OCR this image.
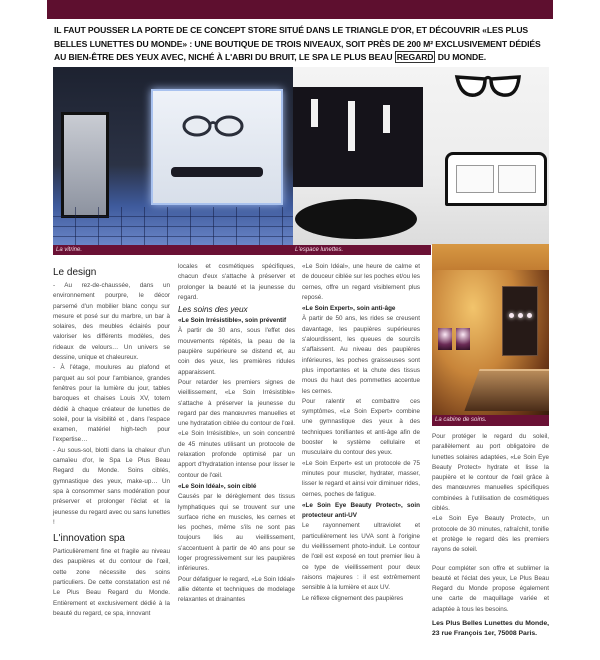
IL FAUT POUSSER LA PORTE DE CE CONCEPT STORE SITUÉ DANS LE TRIANGLE D'OR, ET DÉCOUVRIR «LES PLUS BELLES LUNETTES DU MONDE» : UNE BOUTIQUE DE TROIS NIVEAUX, SOIT PRÈS DE 200 M² EXCLUSIVEMENT DÉDIÉS AU BIEN-ÊTRE DES YEUX AVEC, NICHÉ À L'ABRI DU BRUIT, LE SPA LE PLUS BEAU REGARD DU MONDE.
La vitrine.	L'espace lunettes.
La cabine de soins.
Le design

- Au rez-de-chaussée, dans un environnement pourpre, le décor parsemé d'un mobilier blanc conçu sur mesure et posé sur du marbre, un bar à solaires, des meubles éclairés pour valoriser les différents modèles, des rideaux de velours… Un univers se dessine, unique et chaleureux.

- À l'étage, moulures au plafond et parquet au sol pour l'ambiance, grandes fenêtres pour la lumière du jour, tables baroques et chaises Louis XV, totem dédié à chaque créateur de lunettes de soleil, pour la visibilité et , dans l'espace examen, matériel high-tech pour l'expertise…

- Au sous-sol, blotti dans la chaleur d'un camaïeu d'or, le Spa Le Plus Beau Regard du Monde. Soins ciblés, gymnastique des yeux, make-up… Un spa à consommer sans modération pour préserver et prolonger l'éclat et la jeunesse du regard avec ou sans lunettes !

L'innovation spa

Particulièrement fine et fragile au niveau des paupières et du contour de l'œil, cette zone nécessite des soins particuliers. De cette constatation est né Le Plus Beau Regard du Monde. Entièrement et exclusivement dédié à la beauté du regard, ce spa, innovant

locales et cosmétiques spécifiques, chacun d'eux s'attache à préserver et prolonger la beauté et la jeunesse du regard.

Les soins des yeux

«Le Soin Irrésistible», soin préventif

À partir de 30 ans, sous l'effet des mouvements répétés, la peau de la paupière supérieure se distend et, au coin des yeux, les premières ridules apparaissent.

Pour retarder les premiers signes de vieillissement, «Le Soin Irrésistible» s'attache à préserver la jeunesse du regard par des manœuvres manuelles et une hydratation ciblée du contour de l'œil. «Le Soin Irrésistible», un soin concentré de 45 minutes utilisant un protocole de relaxation profonde optimisé par un apport d'hydratation intense pour lisser le contour de l'œil.

«Le Soin Idéal», soin ciblé

Causés par le dérèglement des tissus lymphatiques qui se trouvent sur une surface riche en muscles, les cernes et les poches, même s'ils ne sont pas toujours liés au vieillissement, s'accentuent à partir de 40 ans pour se loger progressivement sur les paupières inférieures.

Pour défatiguer le regard, «Le Soin Idéal» allie détente et techniques de modelage relaxantes et drainantes

«Le Soin Idéal», une heure de calme et de douceur ciblée sur les poches et/ou les cernes, offre un regard visiblement plus reposé.

«Le Soin Expert», soin anti-âge

À partir de 50 ans, les rides se creusent davantage, les paupières supérieures s'alourdissent, les queues de sourcils s'affaissent. Au niveau des paupières inférieures, les poches graisseuses sont plus importantes et la chute des tissus mous du haut des pommettes accentue les cernes.

Pour ralentir et combattre ces symptômes, «Le Soin Expert» combine une gymnastique des yeux à des techniques tonifiantes et anti-âge afin de booster le système cellulaire et musculaire du contour des yeux.

«Le Soin Expert» est un protocole de 75 minutes pour muscler, hydrater, masser, lisser le regard et ainsi voir diminuer rides, cernes, poches de fatigue.

«Le Soin Eye Beauty Protect», soin protecteur anti-UV

Le rayonnement ultraviolet et particulièrement les UVA sont à l'origine du vieillissement photo-induit. Le contour de l'œil est exposé en tout premier lieu à ce type de vieillissement pour deux raisons majeures : il est extrêmement sensible à la lumière et aux UV.

Le réflexe clignement des paupières

Pour protéger le regard du soleil, parallèlement au port obligatoire de lunettes solaires adaptées, «Le Soin Eye Beauty Protect» hydrate et lisse la paupière et le contour de l'œil grâce à des manœuvres manuelles spécifiques combinées à l'utilisation de cosmétiques ciblés.

«Le Soin Eye Beauty Protect», un protocole de 30 minutes, rafraîchit, tonifie et protège le regard dès les premiers rayons de soleil.

Pour compléter son offre et sublimer la beauté et l'éclat des yeux, Le Plus Beau Regard du Monde propose également une carte de maquillage variée et adaptée à tous les besoins.

Les Plus Belles Lunettes du Monde, 23 rue François 1er, 75008 Paris.
